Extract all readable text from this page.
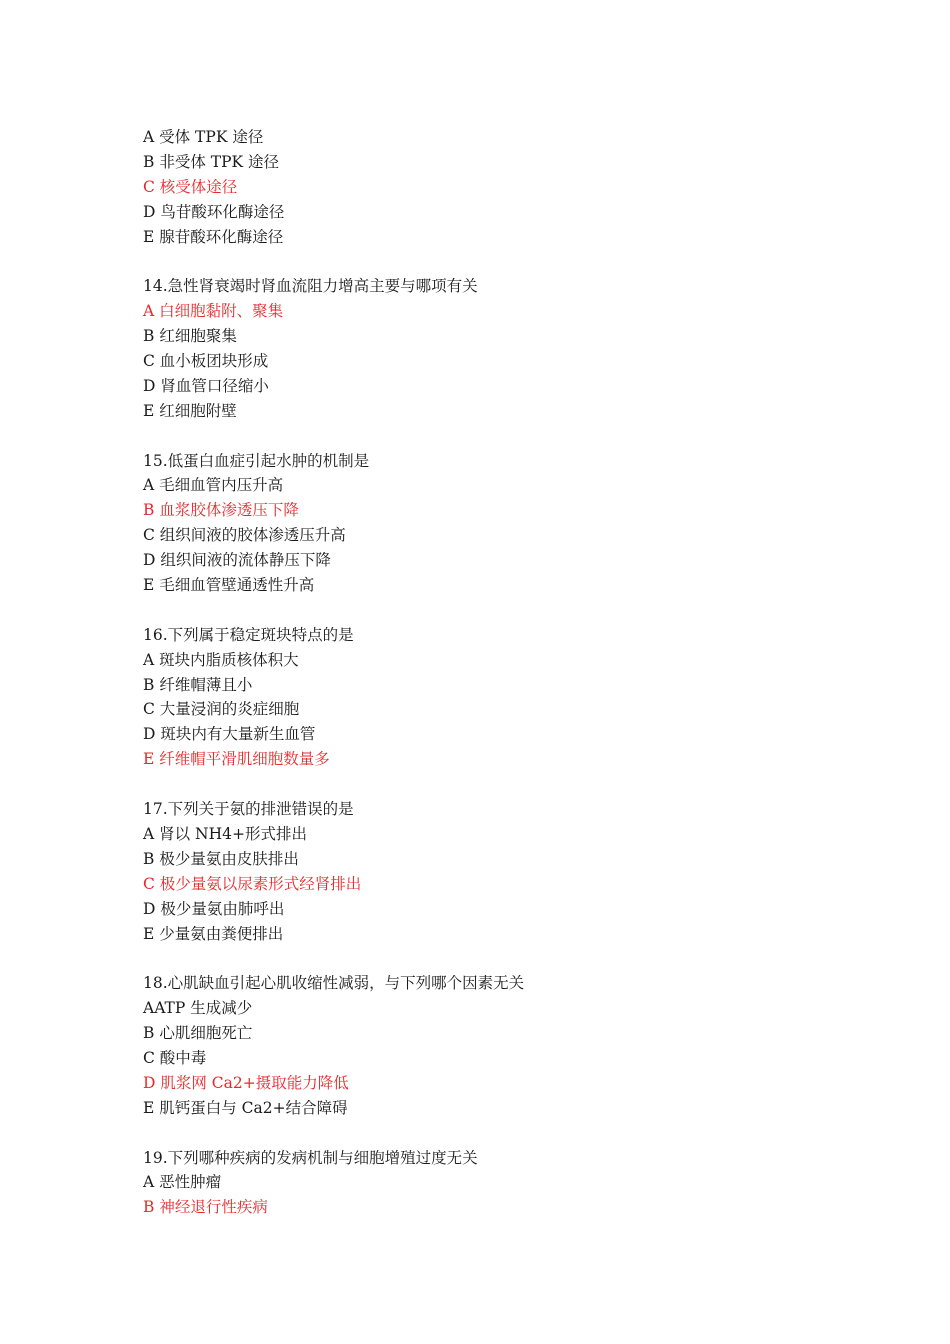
A 受体 TPK 途径
B 非受体 TPK 途径
C 核受体途径
D 鸟苷酸环化酶途径
E 腺苷酸环化酶途径
14.急性肾衰竭时肾血流阻力增高主要与哪项有关
A 白细胞黏附、聚集
B 红细胞聚集
C 血小板团块形成
D 肾血管口径缩小
E 红细胞附壁
15.低蛋白血症引起水肿的机制是
A 毛细血管内压升高
B 血浆胶体渗透压下降
C 组织间液的胶体渗透压升高
D 组织间液的流体静压下降
E 毛细血管壁通透性升高
16.下列属于稳定斑块特点的是
A 斑块内脂质核体积大
B 纤维帽薄且小
C 大量浸润的炎症细胞
D 斑块内有大量新生血管
E 纤维帽平滑肌细胞数量多
17.下列关于氨的排泄错误的是
A 肾以 NH4+形式排出
B 极少量氨由皮肤排出
C 极少量氨以尿素形式经肾排出
D 极少量氨由肺呼出
E 少量氨由粪便排出
18.心肌缺血引起心肌收缩性减弱，与下列哪个因素无关
AATP 生成减少
B 心肌细胞死亡
C 酸中毒
D 肌浆网 Ca2+摄取能力降低
E 肌钙蛋白与 Ca2+结合障碍
19.下列哪种疾病的发病机制与细胞增殖过度无关
A 恶性肿瘤
B 神经退行性疾病
